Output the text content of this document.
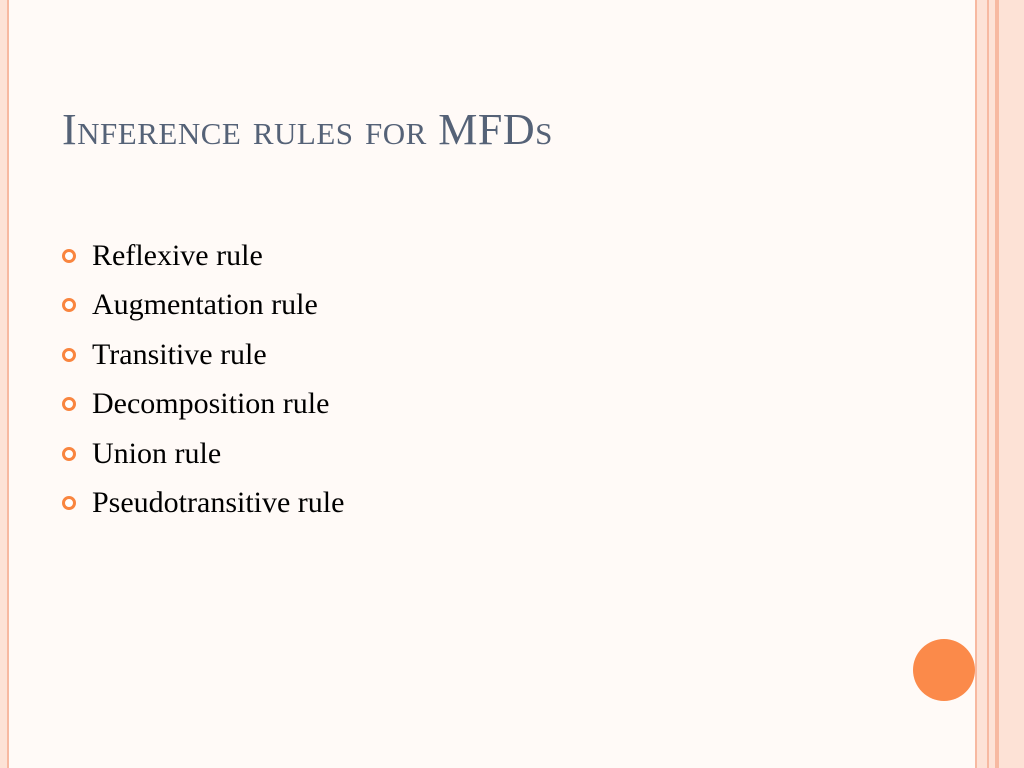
Inference rules for MFDs
Reflexive rule
Augmentation rule
Transitive rule
Decomposition rule
Union rule
Pseudotransitive rule
